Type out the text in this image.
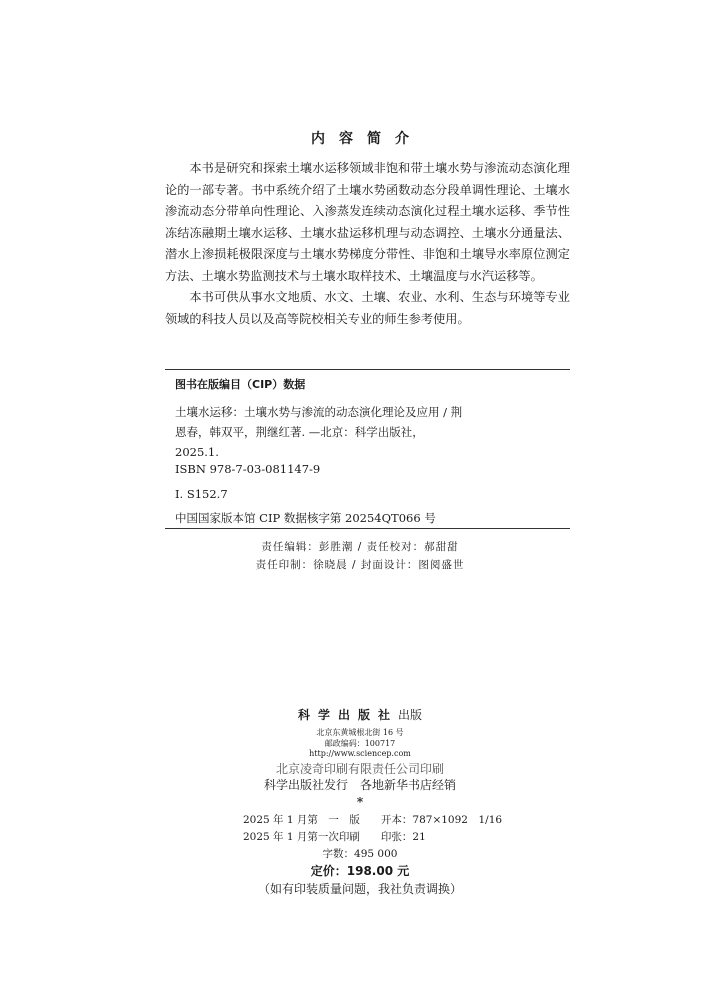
内容简介

本书是研究和探索土壤水运移领域非饱和带土壤水势与渗流动态演化理论的一部专著。书中系统介绍了土壤水势函数动态分段单调性理论、土壤水渗流动态分带单向性理论、入渗蒸发连续动态演化过程土壤水运移、季节性冻结冻融期土壤水运移、土壤水盐运移机理与动态调控、土壤水分通量法、潜水上渗损耗极限深度与土壤水势梯度分带性、非饱和土壤导水率原位测定方法、土壤水势监测技术与土壤水取样技术、土壤温度与水汽运移等。

本书可供从事水文地质、水文、土壤、农业、水利、生态与环境等专业领域的科技人员以及高等院校相关专业的师生参考使用。

图书在版编目（CIP）数据
土壤水运移：土壤水势与渗流的动态演化理论及应用 / 荆恩春，韩双平，荆继红著. —北京：科学出版社，2025.1.
ISBN 978-7-03-081147-9
Ⅰ. S152.7
中国国家版本馆 CIP 数据核字第 20254QT066 号
责任编辑：彭胜潮 / 责任校对：郝甜甜
责任印制：徐晓晨 / 封面设计：图阅盛世
科学出版社出版
北京东黄城根北街 16 号
邮政编码：100717
http://www.sciencep.com
北京凌奇印刷有限责任公司印刷
科学出版社发行　各地新华书店经销
*
2025 年 1 月第　一　版　　开本：787×1092　1/16
2025 年 1 月第一次印刷　　印张：21
字数：495 000
定价：198.00 元
（如有印装质量问题，我社负责调换）
